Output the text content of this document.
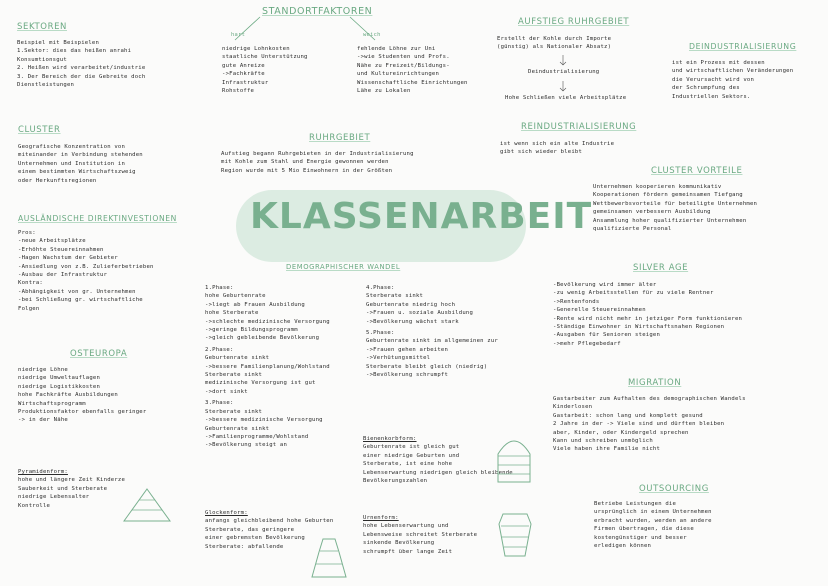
KLASSENARBEIT
SEKTOREN
Beispiel mit Beispielen
1.Sektor: dies das heißen anrahi
Konsumtionsgut
2. Heißen wird verarbeitet/industrie
3. Der Bereich der die Gebreite doch
Dienstleistungen
CLUSTER
Geografische Konzentration von
miteinander in Verbindung stehenden
Unternehmen und Institution in
einem bestimmten Wirtschaftszweig
oder Herkunftsregionen
AUSLÄNDISCHE DIREKTINVESTIONEN
Pros:
-neue Arbeitsplätze
-Erhöhte Steuereinnahmen
-Hagen Wachstum der Gebieter
-Ansiedlung von z.B. Zulieferbetrieben
-Ausbau der Infrastruktur
Kontra:
-Abhängigkeit von gr. Unternehmen
-bei Schließung gr. wirtschaftliche
Folgen
OSTEUROPA
niedrige Löhne
niedrige Umweltauflagen
niedrige Logistikkosten
hohe Fachkräfte Ausbildungen
Wirtschaftsprogramm
Produktionsfaktor ebenfalls geringer
-> in der Nähe
Pyramidenform:
hohe und längere Zeit Kinderze
Sauberkeit und Sterberate
niedrige Lebensalter
Kontrolle
STANDORTFAKTOREN
hart	weich
niedrige Lohnkosten
staatliche Unterstützung
gute Anreize
->Fachkräfte
Infrastruktur
Rohstoffe
fehlende Löhne zur Uni
->wie Studenten und Profs.
Nähe zu Freizeit/Bildungs-
und Kultureinrichtungen
Wissenschaftliche Einrichtungen
Lähe zu Lokalen
RUHRGEBIET
Aufstieg begann Ruhrgebieten in der Industrialisierung
mit Kohle zum Stahl und Energie gewonnen werden
Region wurde mit 5 Mio Einwohnern in der Größten
DEMOGRAPHISCHER WANDEL
1.Phase:
hohe Geburtenrate
->liegt ab Frauen Ausbildung
hohe Sterberate
->schlechte medizinische Versorgung
->geringe Bildungsprogramm
->gleich gebleibende Bevölkerung
2.Phase:
Geburtenrate sinkt
->bessere Familienplanung/Wohlstand
Sterberate sinkt
medizinische Versorgung ist gut
->dort sinkt
3.Phase:
Sterberate sinkt
->bessere medizinische Versorgung
Geburtenrate sinkt
->Familienprogramme/Wohlstand
->Bevölkerung steigt an
4.Phase:
Sterberate sinkt
Geburtenrate niedrig hoch
->Frauen u. soziale Ausbildung
->Bevölkerung wächst stark
5.Phase:
Geburtenrate sinkt im allgemeinen zur
->Frauen gehen arbeiten
->Verhütungsmittel
Sterberate bleibt gleich (niedrig)
->Bevölkerung schrumpft
Glockenform:
anfangs gleichbleibend hohe Geburten
Sterberate, das geringere
einer gebremsten Bevölkerung
Sterberate: abfallende
Bienenkorbform:
Geburtenrate ist gleich gut
einer niedrige Geburten und
Sterberate, ist eine hohe
Lebenserwartung niedrigen gleich bleibende
Bevölkerungszahlen
Urnenform:
hohe Lebenserwartung und
Lebensweise schreitet Sterberate
sinkende Bevölkerung
schrumpft über lange Zeit
AUFSTIEG RUHRGEBIET
Erstellt der Kohle durch Importe
(günstig) als Nationaler Absatz)
Deindustrialisierung
Hohe Schließen viele Arbeitsplätze
REINDUSTRIALISIERUNG
ist wenn sich ein alte Industrie
gibt sich wieder bleibt
DEINDUSTRIALISIERUNG
ist ein Prozess mit dessen
und wirtschaftlichen Veränderungen
die Verursacht wird von
der Schrumpfung des
Industriellen Sektors.
CLUSTER VORTEILE
Unternehmen kooperieren kommunikativ
Kooperationen fördern gemeinsamen Tiefgang
Wettbewerbsvorteile für beteiligte Unternehmen
gemeinsamen verbessern Ausbildung
Ansammlung hoher qualifizierter Unternehmen
qualifizierte Personal
SILVER AGE
-Bevölkerung wird immer älter
-zu wenig Arbeitsstellen für zu viele Rentner
->Rentenfonds
-Generelle Steuereinnahmen
-Rente wird nicht mehr in jetziger Form funktionieren
-Ständige Einwohner in Wirtschaftsnahen Regionen
-Ausgaben für Senioren steigen
->mehr Pflegebedarf
MIGRATION
Gastarbeiter zum Aufhalten des demographischen Wandels
Kinderlosen
Gastarbeit: schon lang und komplett gesund
2 Jahre in der -> Viele sind und dürften bleiben
aber, Kinder, oder Kindergeld sprechen
Kann und schreiben unmöglich
Viele haben ihre Familie nicht
OUTSOURCING
Betriebe Leistungen die
ursprünglich in einem Unternehmen
erbracht wurden, werden an andere
Firmen übertragen, die diese
kostengünstiger und besser
erledigen können
